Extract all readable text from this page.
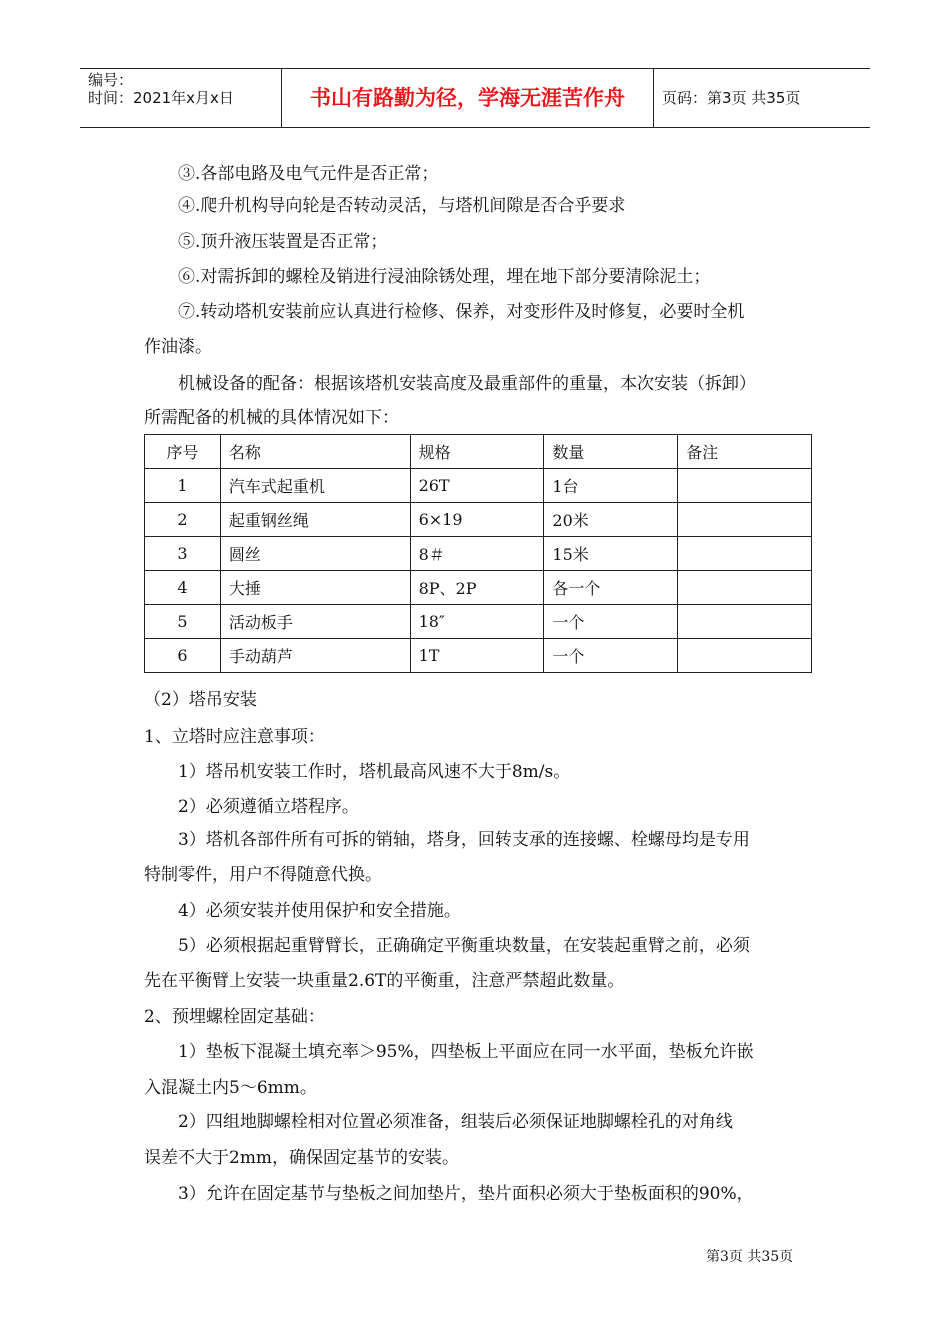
编号：
时间：2021年x月x日	书山有路勤为径，学海无涯苦作舟	页码：第3页 共35页
③.各部电路及电气元件是否正常；
④.爬升机构导向轮是否转动灵活，与塔机间隙是否合乎要求
⑤.顶升液压装置是否正常；
⑥.对需拆卸的螺栓及销进行浸油除锈处理，埋在地下部分要清除泥土；
⑦.转动塔机安装前应认真进行检修、保养，对变形件及时修复，必要时全机
作油漆。
机械设备的配备：根据该塔机安装高度及最重部件的重量，本次安装（拆卸）
所需配备的机械的具体情况如下：
序号	名称	规格	数量	备注
1	汽车式起重机	26T	1台	
2	起重钢丝绳	6×19	20米	
3	圆丝	8＃	15米	
4	大捶	8P、2P	各一个	
5	活动板手	18″	一个	
6	手动葫芦	1T	一个	
（2）塔吊安装
1、立塔时应注意事项：
1）塔吊机安装工作时，塔机最高风速不大于8m/s。
2）必须遵循立塔程序。
3）塔机各部件所有可拆的销轴，塔身，回转支承的连接螺、栓螺母均是专用
特制零件，用户不得随意代换。
4）必须安装并使用保护和安全措施。
5）必须根据起重臂臂长，正确确定平衡重块数量，在安装起重臂之前，必须
先在平衡臂上安装一块重量2.6T的平衡重，注意严禁超此数量。
2、预埋螺栓固定基础：
1）垫板下混凝土填充率＞95%，四垫板上平面应在同一水平面，垫板允许嵌
入混凝土内5～6mm。
2）四组地脚螺栓相对位置必须准备，组装后必须保证地脚螺栓孔的对角线
误差不大于2mm，确保固定基节的安装。
3）允许在固定基节与垫板之间加垫片，垫片面积必须大于垫板面积的90%，
第3页 共35页
